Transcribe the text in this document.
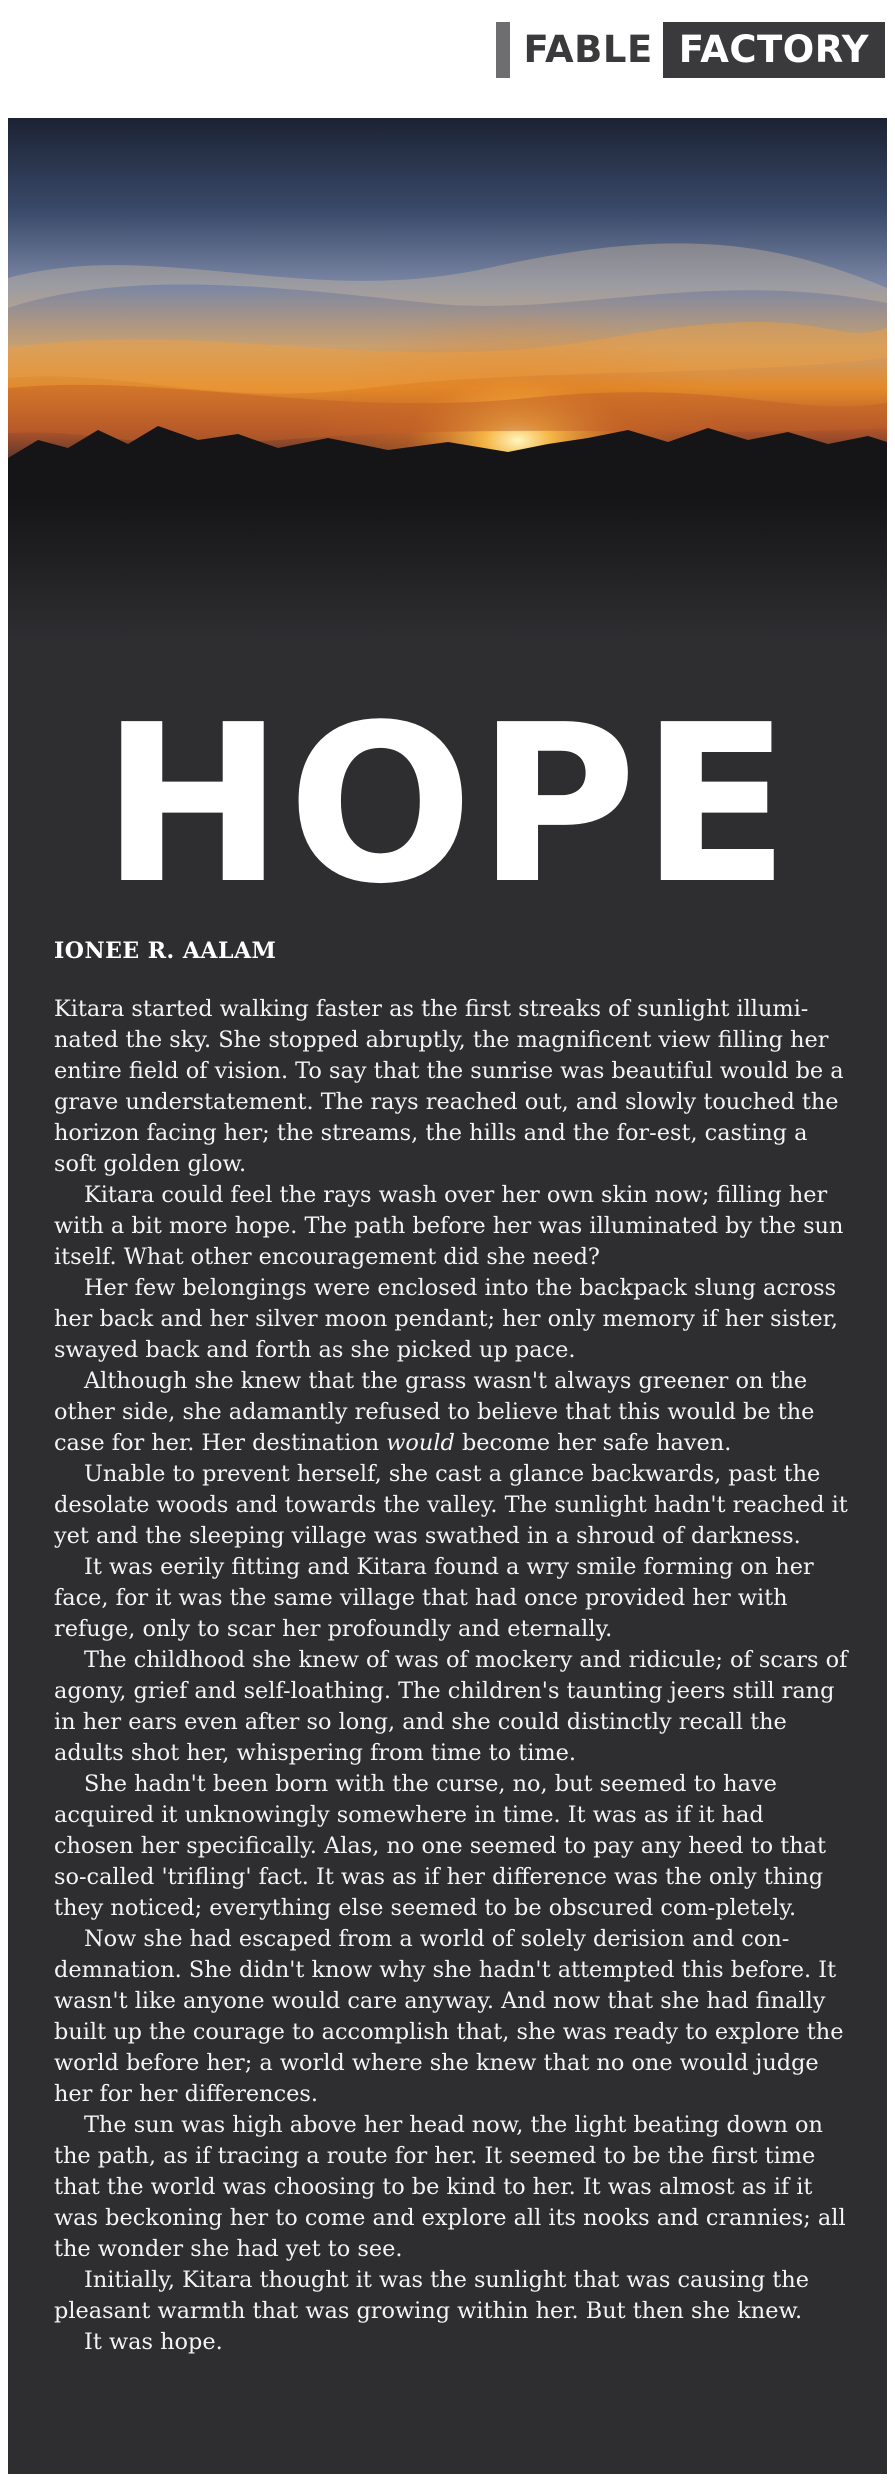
FABLE FACTORY
HOPE
IONEE R. AALAM

Kitara started walking faster as the first streaks of sunlight illumi-nated the sky. She stopped abruptly, the magnificent view filling her entire field of vision. To say that the sunrise was beautiful would be a grave understatement. The rays reached out, and slowly touched the horizon facing her; the streams, the hills and the for-est, casting a soft golden glow.

Kitara could feel the rays wash over her own skin now; filling her with a bit more hope. The path before her was illuminated by the sun itself. What other encouragement did she need?

Her few belongings were enclosed into the backpack slung across her back and her silver moon pendant; her only memory if her sister, swayed back and forth as she picked up pace.

Although she knew that the grass wasn't always greener on the other side, she adamantly refused to believe that this would be the case for her. Her destination would become her safe haven.

Unable to prevent herself, she cast a glance backwards, past the desolate woods and towards the valley. The sunlight hadn't reached it yet and the sleeping village was swathed in a shroud of darkness.

It was eerily fitting and Kitara found a wry smile forming on her face, for it was the same village that had once provided her with refuge, only to scar her profoundly and eternally.

The childhood she knew of was of mockery and ridicule; of scars of agony, grief and self-loathing. The children's taunting jeers still rang in her ears even after so long, and she could distinctly recall the adults shot her, whispering from time to time.

She hadn't been born with the curse, no, but seemed to have acquired it unknowingly somewhere in time. It was as if it had chosen her specifically. Alas, no one seemed to pay any heed to that so-called 'trifling' fact. It was as if her difference was the only thing they noticed; everything else seemed to be obscured com-pletely.

Now she had escaped from a world of solely derision and con-demnation. She didn't know why she hadn't attempted this before. It wasn't like anyone would care anyway. And now that she had finally built up the courage to accomplish that, she was ready to explore the world before her; a world where she knew that no one would judge her for her differences.

The sun was high above her head now, the light beating down on the path, as if tracing a route for her. It seemed to be the first time that the world was choosing to be kind to her. It was almost as if it was beckoning her to come and explore all its nooks and crannies; all the wonder she had yet to see.

Initially, Kitara thought it was the sunlight that was causing the pleasant warmth that was growing within her. But then she knew.

It was hope.
